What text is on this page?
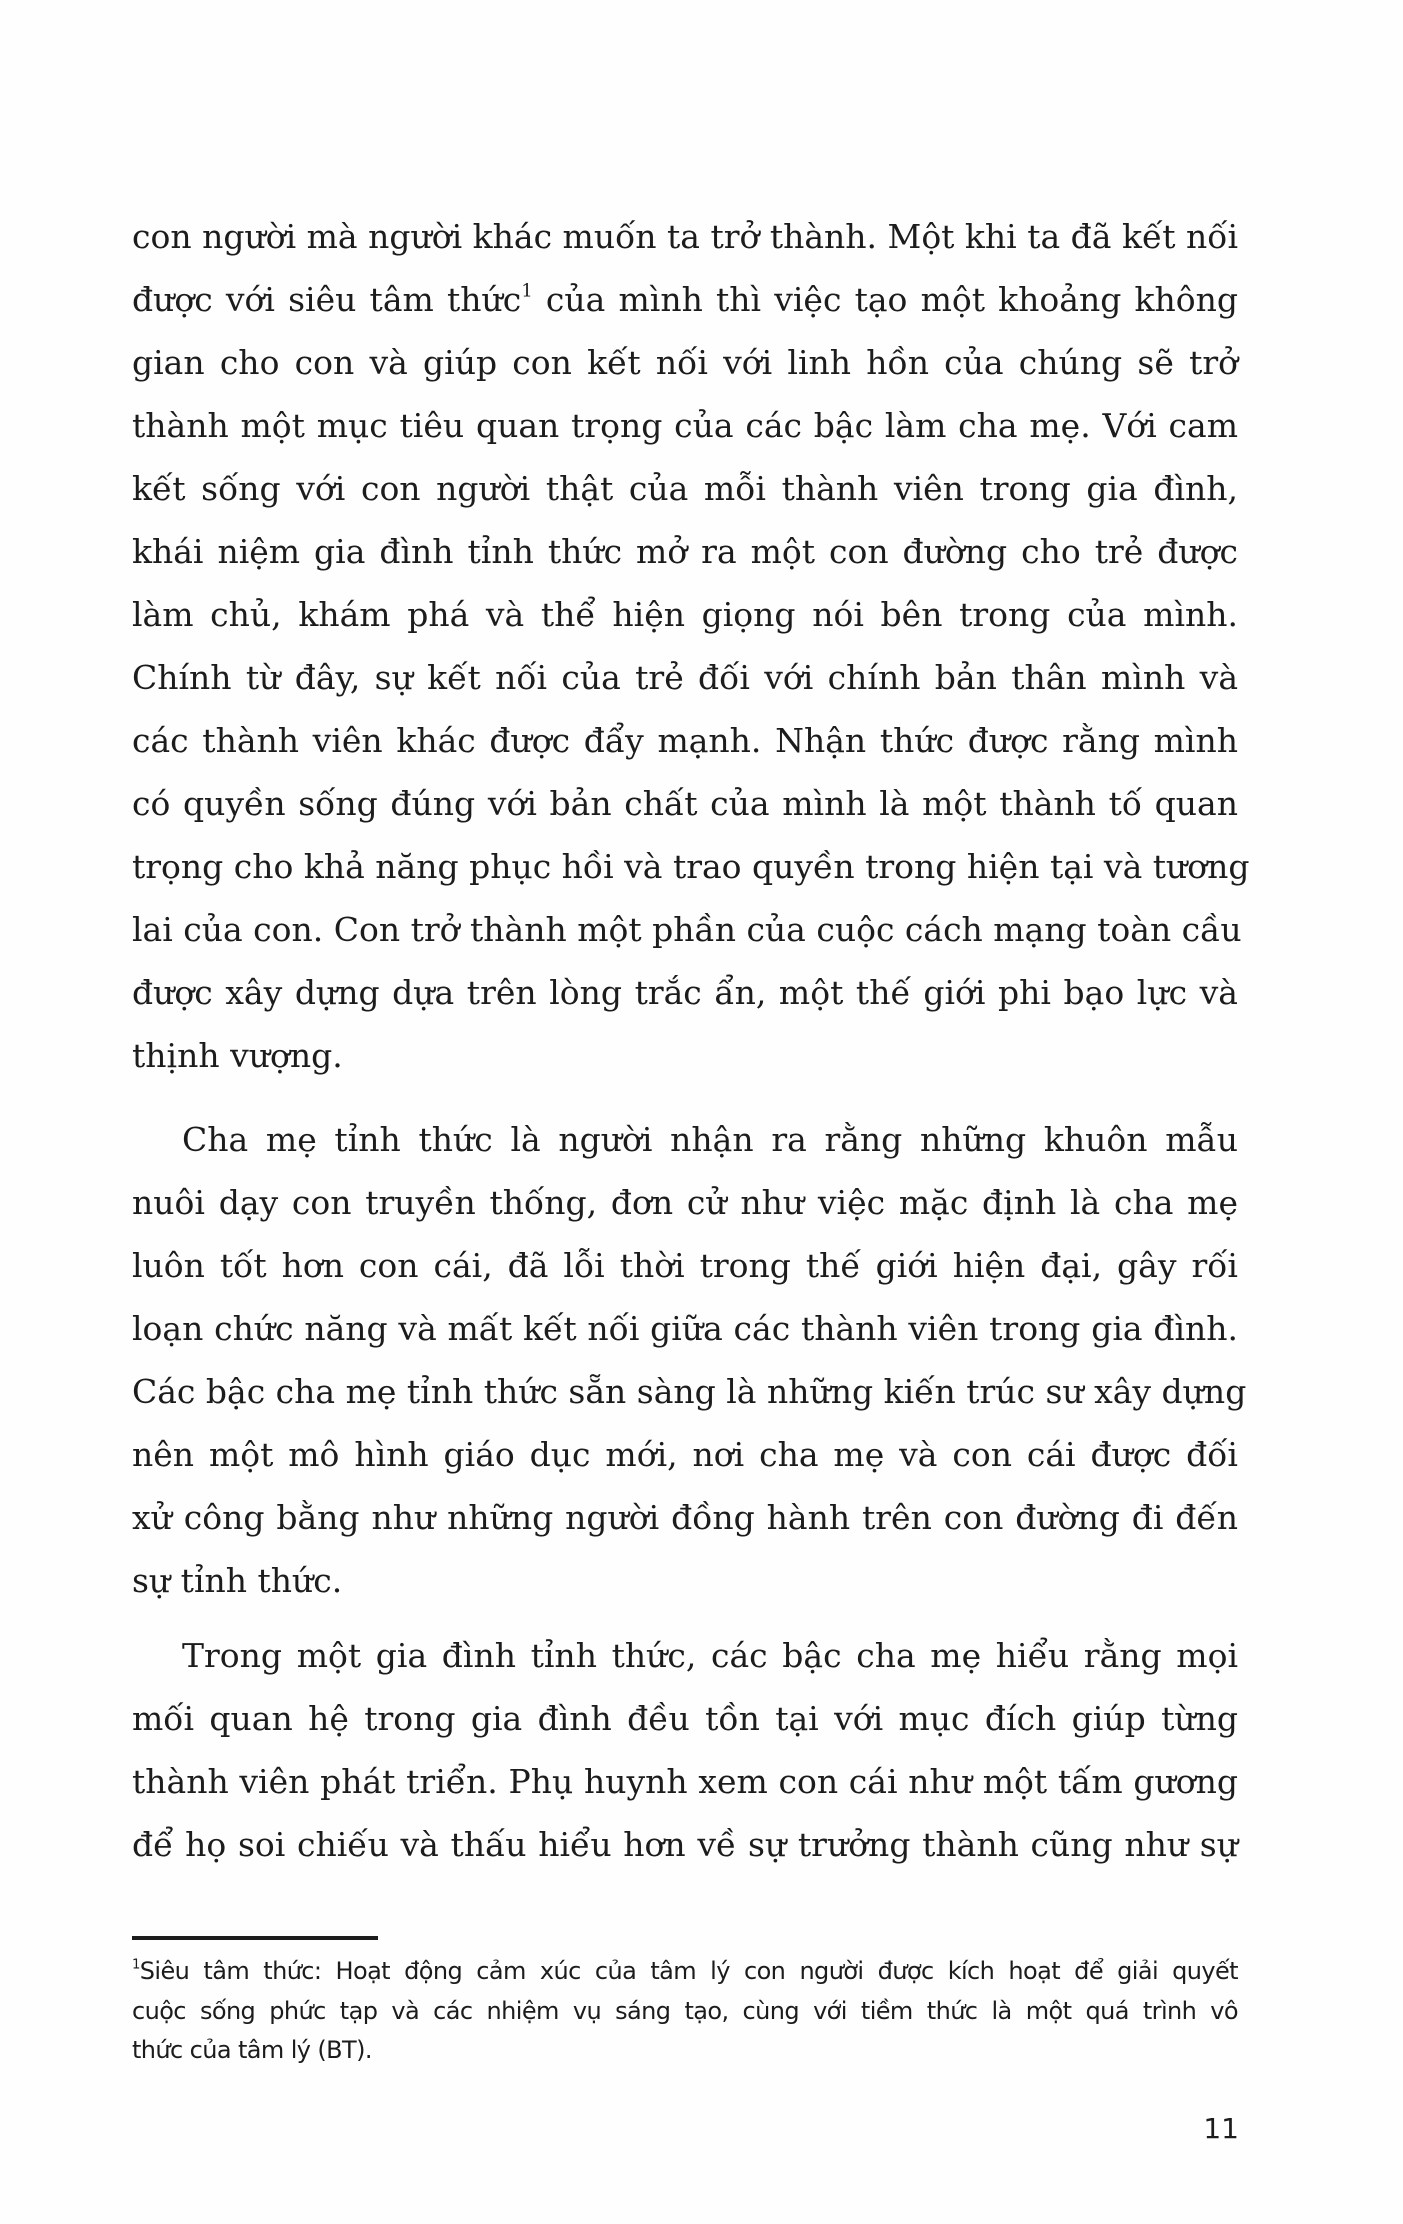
con người mà người khác muốn ta trở thành. Một khi ta đã kết nối
được với siêu tâm thức$^1$ của mình thì việc tạo một khoảng không
gian cho con và giúp con kết nối với linh hồn của chúng sẽ trở
thành một mục tiêu quan trọng của các bậc làm cha mẹ. Với cam
kết sống với con người thật của mỗi thành viên trong gia đình,
khái niệm gia đình tỉnh thức mở ra một con đường cho trẻ được
làm chủ, khám phá và thể hiện giọng nói bên trong của mình.
Chính từ đây, sự kết nối của trẻ đối với chính bản thân mình và
các thành viên khác được đẩy mạnh. Nhận thức được rằng mình
có quyền sống đúng với bản chất của mình là một thành tố quan
trọng cho khả năng phục hồi và trao quyền trong hiện tại và tương
lai của con. Con trở thành một phần của cuộc cách mạng toàn cầu
được xây dựng dựa trên lòng trắc ẩn, một thế giới phi bạo lực và
thịnh vượng.
Cha mẹ tỉnh thức là người nhận ra rằng những khuôn mẫu
nuôi dạy con truyền thống, đơn cử như việc mặc định là cha mẹ
luôn tốt hơn con cái, đã lỗi thời trong thế giới hiện đại, gây rối
loạn chức năng và mất kết nối giữa các thành viên trong gia đình.
Các bậc cha mẹ tỉnh thức sẵn sàng là những kiến trúc sư xây dựng
nên một mô hình giáo dục mới, nơi cha mẹ và con cái được đối
xử công bằng như những người đồng hành trên con đường đi đến
sự tỉnh thức.
Trong một gia đình tỉnh thức, các bậc cha mẹ hiểu rằng mọi
mối quan hệ trong gia đình đều tồn tại với mục đích giúp từng
thành viên phát triển. Phụ huynh xem con cái như một tấm gương
để họ soi chiếu và thấu hiểu hơn về sự trưởng thành cũng như sự
$^1$Siêu tâm thức: Hoạt động cảm xúc của tâm lý con người được kích hoạt để giải quyết
cuộc sống phức tạp và các nhiệm vụ sáng tạo, cùng với tiềm thức là một quá trình vô
thức của tâm lý (BT).
11
